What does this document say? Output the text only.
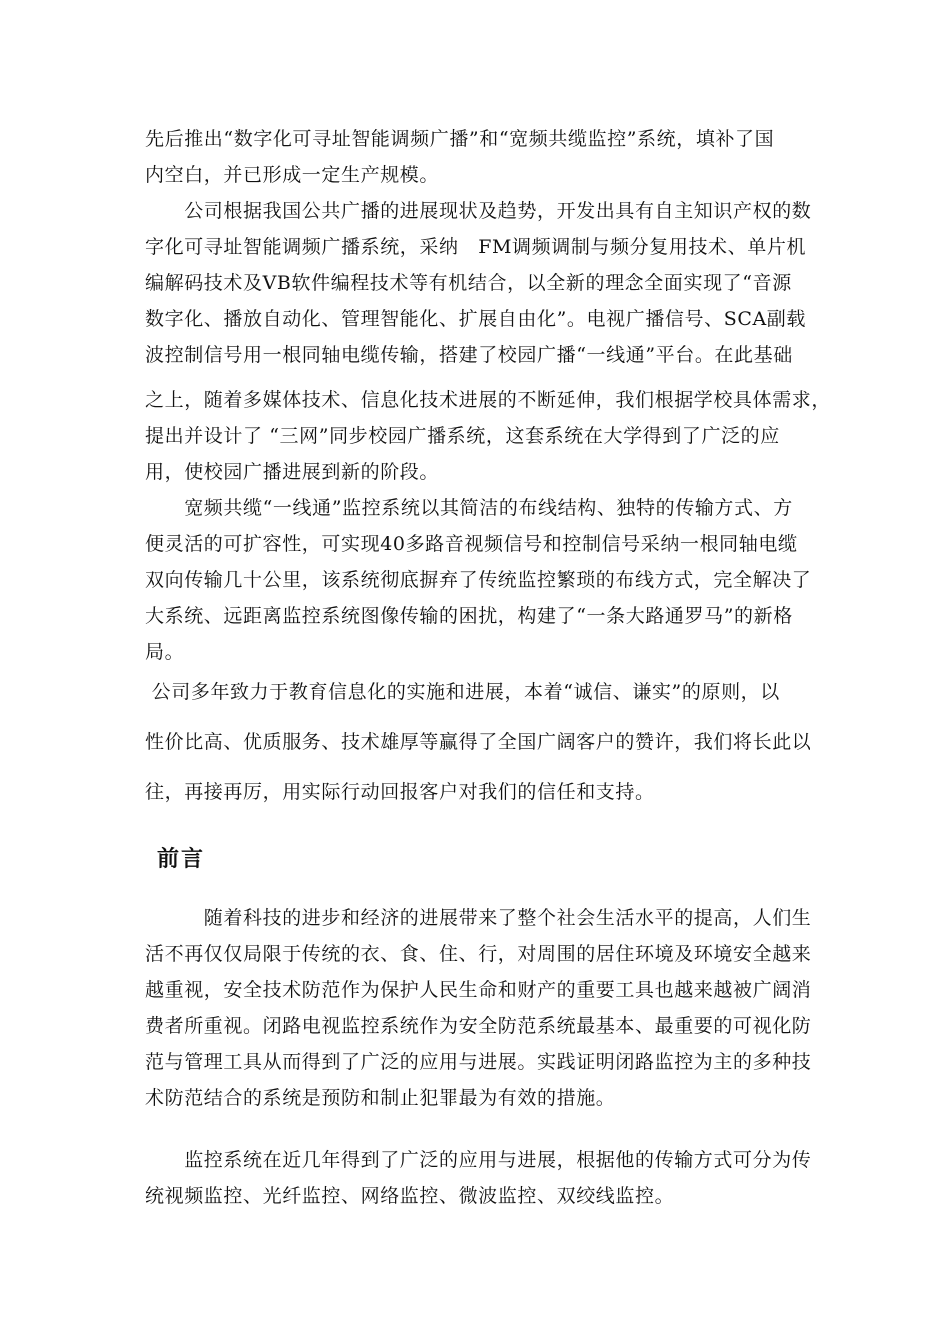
先后推出“数字化可寻址智能调频广播”和“宽频共缆监控”系统，填补了国
内空白，并已形成一定生产规模。
　　公司根据我国公共广播的进展现状及趋势，开发出具有自主知识产权的数
字化可寻址智能调频广播系统，采纳　FM调频调制与频分复用技术、单片机
编解码技术及VB软件编程技术等有机结合，以全新的理念全面实现了“音源
数字化、播放自动化、管理智能化、扩展自由化”。电视广播信号、SCA副载
波控制信号用一根同轴电缆传输，搭建了校园广播“一线通”平台。在此基础
之上，随着多媒体技术、信息化技术进展的不断延伸，我们根据学校具体需求，
提出并设计了 “三网”同步校园广播系统，这套系统在大学得到了广泛的应
用，使校园广播进展到新的阶段。
　　宽频共缆“一线通”监控系统以其简洁的布线结构、独特的传输方式、方
便灵活的可扩容性，可实现40多路音视频信号和控制信号采纳一根同轴电缆
双向传输几十公里，该系统彻底摒弃了传统监控繁琐的布线方式，完全解决了
大系统、远距离监控系统图像传输的困扰，构建了“一条大路通罗马”的新格
局。
公司多年致力于教育信息化的实施和进展，本着“诚信、谦实”的原则，以
性价比高、优质服务、技术雄厚等赢得了全国广阔客户的赞许，我们将长此以
往，再接再厉，用实际行动回报客户对我们的信任和支持。
前言
　　　随着科技的进步和经济的进展带来了整个社会生活水平的提高，人们生
活不再仅仅局限于传统的衣、食、住、行，对周围的居住环境及环境安全越来
越重视，安全技术防范作为保护人民生命和财产的重要工具也越来越被广阔消
费者所重视。闭路电视监控系统作为安全防范系统最基本、最重要的可视化防
范与管理工具从而得到了广泛的应用与进展。实践证明闭路监控为主的多种技
术防范结合的系统是预防和制止犯罪最为有效的措施。
　　监控系统在近几年得到了广泛的应用与进展，根据他的传输方式可分为传
统视频监控、光纤监控、网络监控、微波监控、双绞线监控。
